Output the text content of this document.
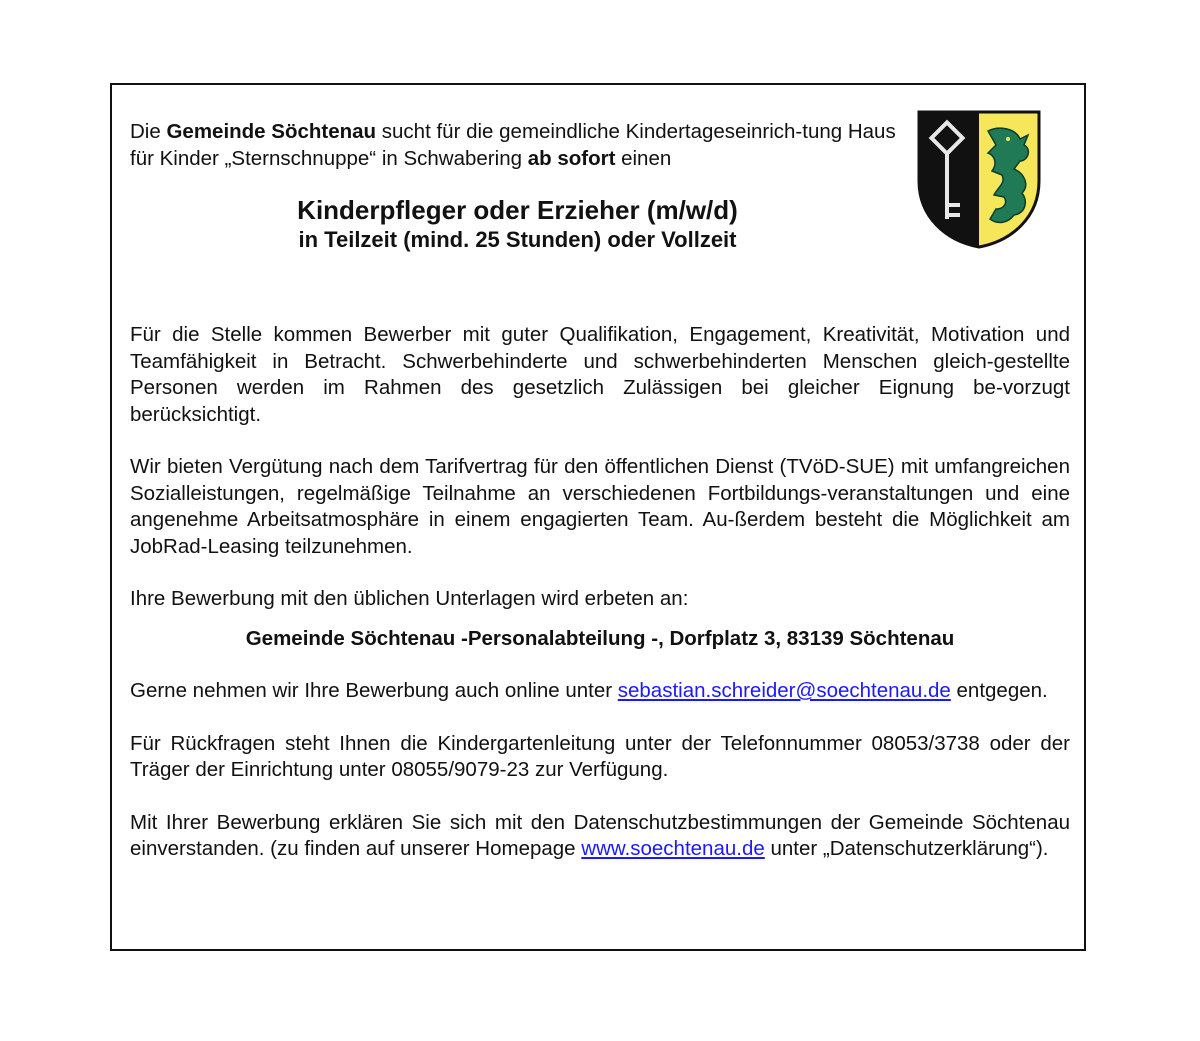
Die Gemeinde Söchtenau sucht für die gemeindliche Kindertageseinrich-tung Haus für Kinder „Sternschnuppe“ in Schwabering ab sofort einen

Kinderpfleger oder Erzieher (m/w/d)
in Teilzeit (mind. 25 Stunden) oder Vollzeit

Für die Stelle kommen Bewerber mit guter Qualifikation, Engagement, Kreativität, Motivation und Teamfähigkeit in Betracht. Schwerbehinderte und schwerbehinderten Menschen gleich-gestellte Personen werden im Rahmen des gesetzlich Zulässigen bei gleicher Eignung be-vorzugt berücksichtigt.

Wir bieten Vergütung nach dem Tarifvertrag für den öffentlichen Dienst (TVöD-SUE) mit umfangreichen Sozialleistungen, regelmäßige Teilnahme an verschiedenen Fortbildungs-veranstaltungen und eine angenehme Arbeitsatmosphäre in einem engagierten Team. Au-ßerdem besteht die Möglichkeit am JobRad-Leasing teilzunehmen.

Ihre Bewerbung mit den üblichen Unterlagen wird erbeten an:

Gemeinde Söchtenau -Personalabteilung -, Dorfplatz 3, 83139 Söchtenau

Gerne nehmen wir Ihre Bewerbung auch online unter sebastian.schreider@soechtenau.de entgegen.

Für Rückfragen steht Ihnen die Kindergartenleitung unter der Telefonnummer 08053/3738 oder der Träger der Einrichtung unter 08055/9079-23 zur Verfügung.

Mit Ihrer Bewerbung erklären Sie sich mit den Datenschutzbestimmungen der Gemeinde Söchtenau einverstanden. (zu finden auf unserer Homepage www.soechtenau.de unter „Datenschutzerklärung“).
